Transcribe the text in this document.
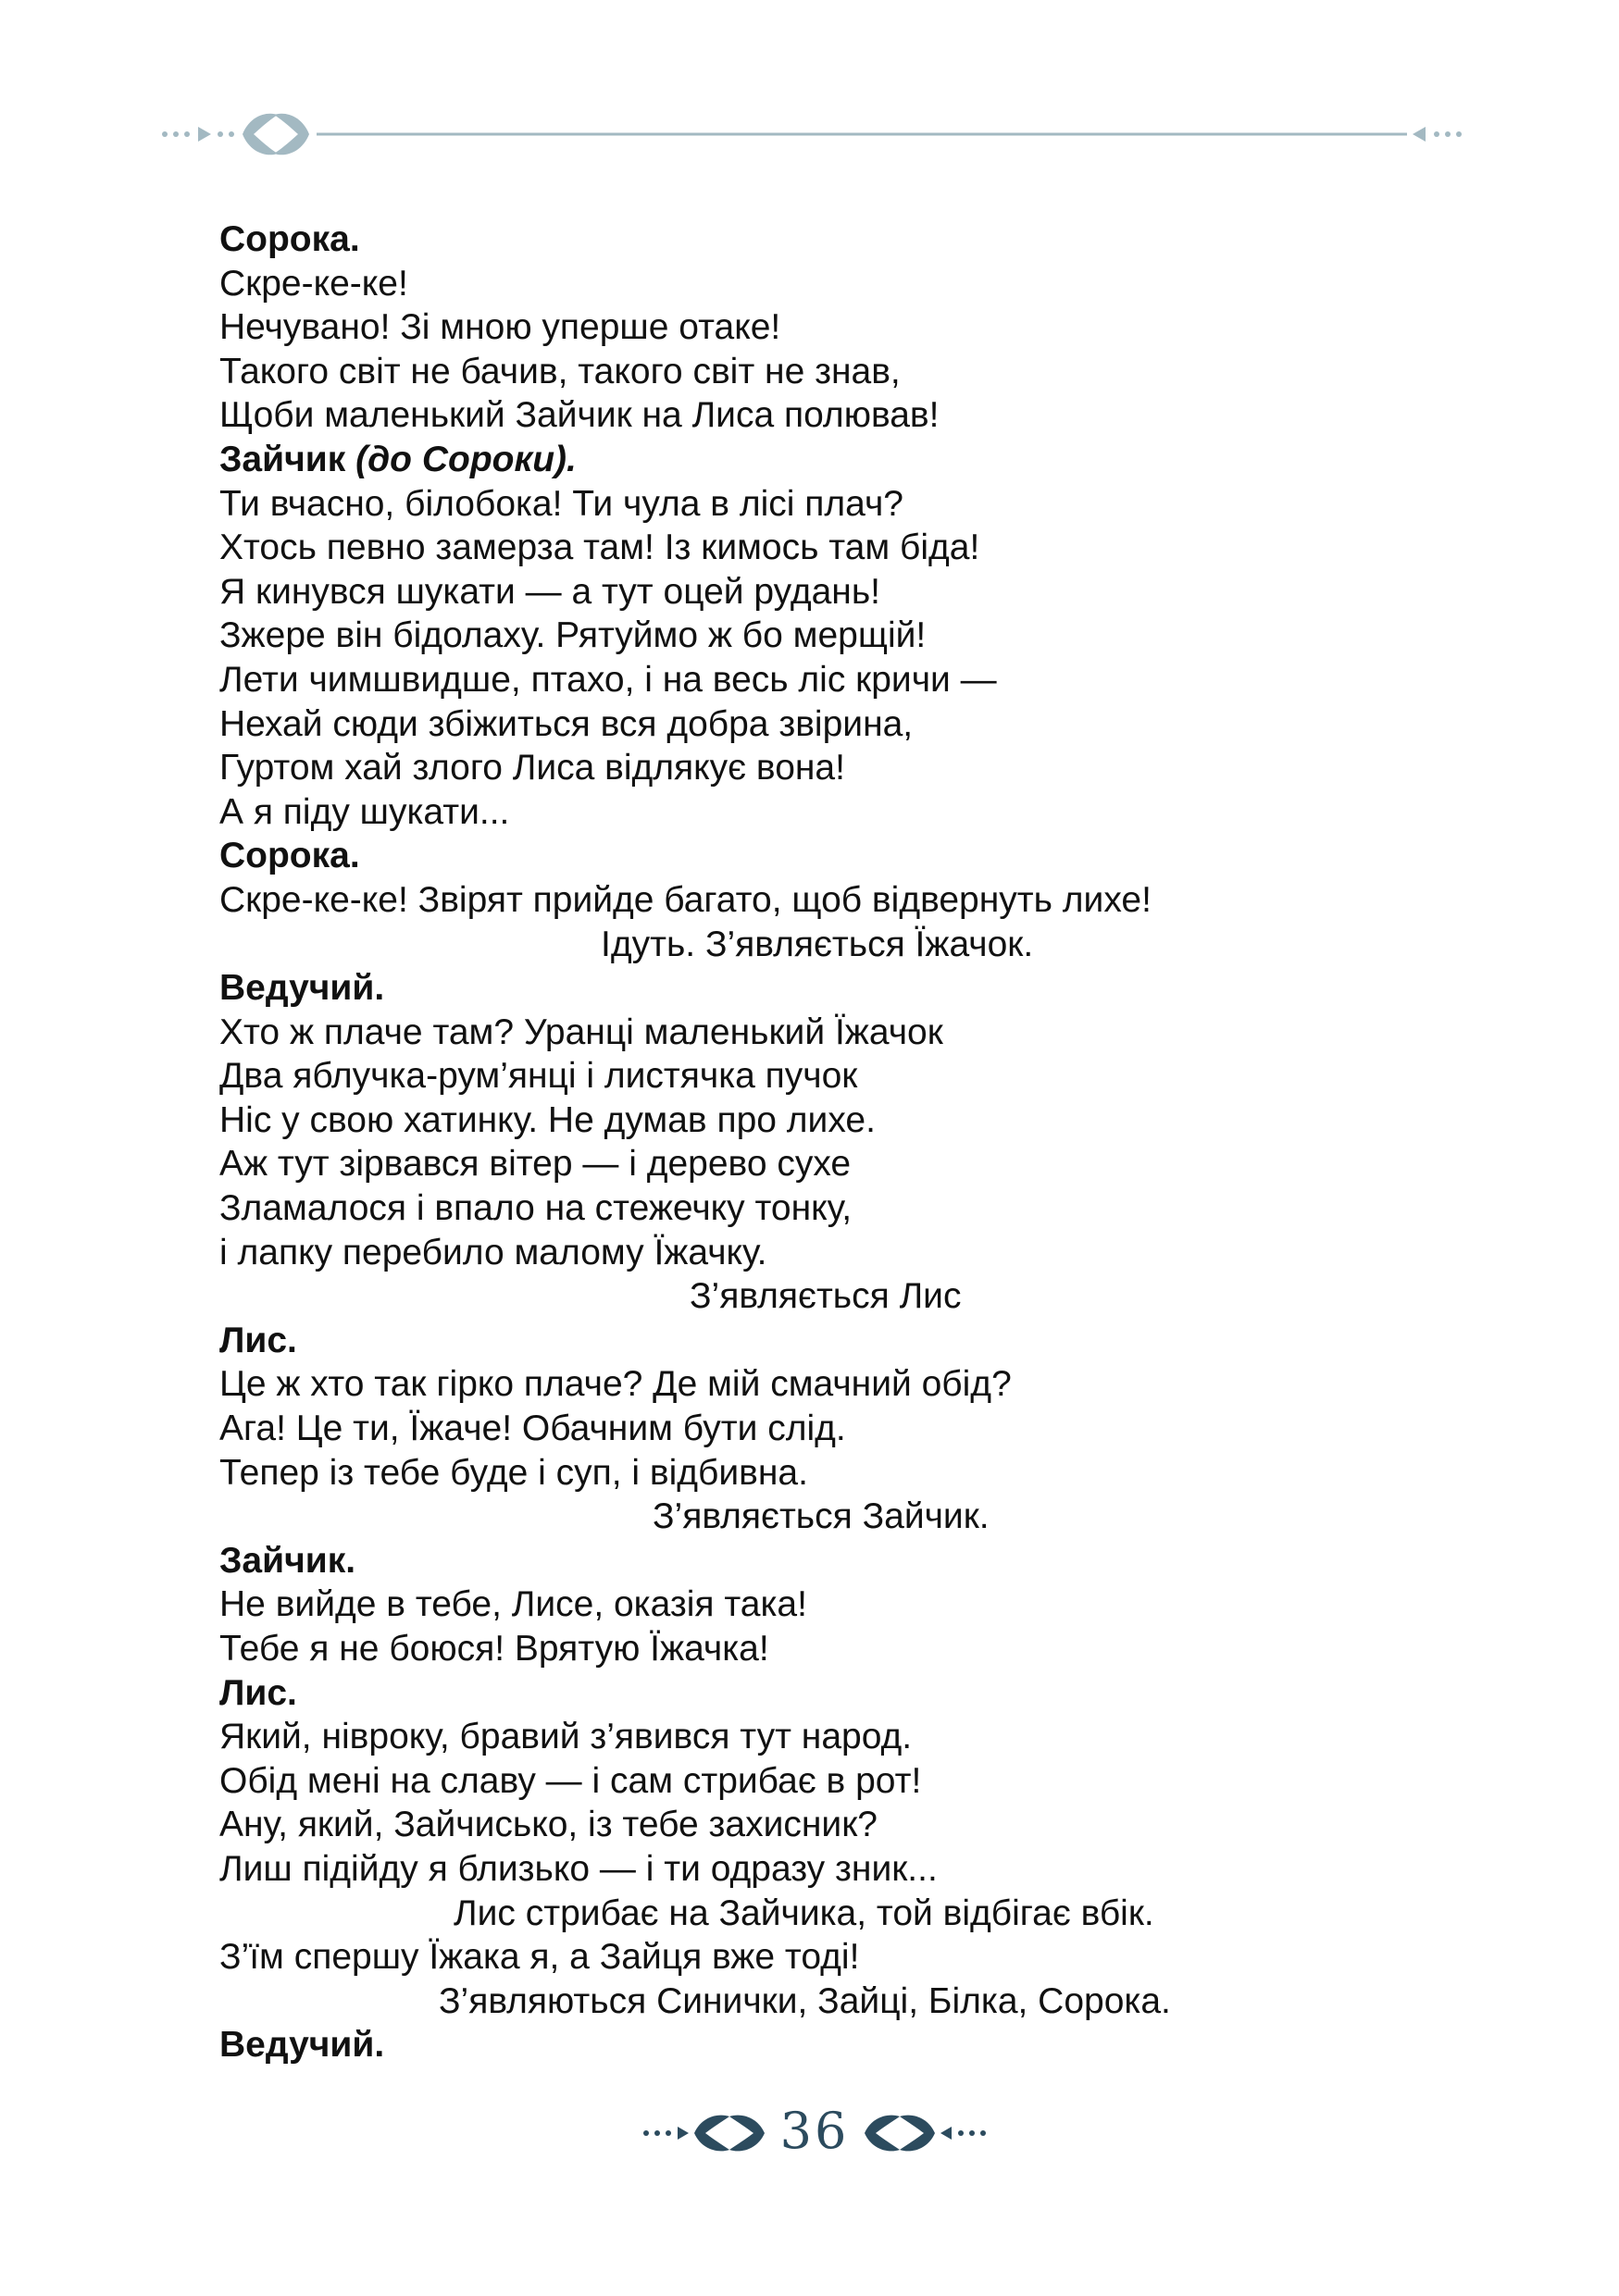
Сорока.
Скре-ке-ке!
Нечувано! Зі мною уперше отаке!
Такого світ не бачив, такого світ не знав,
Щоби маленький Зайчик на Лиса полював!
Зайчик (до Сороки).
Ти вчасно, білобока! Ти чула в лісі плач?
Хтось певно замерза там! Із кимось там біда!
Я кинувся шукати — а тут оцей рудань!
Зжере він бідолаху. Рятуймо ж бо мерщій!
Лети чимшвидше, птахо, і на весь ліс кричи —
Нехай сюди збіжиться вся добра звірина,
Гуртом хай злого Лиса відлякує вона!
А я піду шукати...
Сорока.
Скре-ке-ке! Звірят прийде багато, щоб відвернуть лихе!
Ідуть. З’являється Їжачок.
Ведучий.
Хто ж плаче там? Уранці маленький Їжачок
Два яблучка-рум’янці і листячка пучок
Ніс у свою хатинку. Не думав про лихе.
Аж тут зірвався вітер — і дерево сухе
Зламалося і впало на стежечку тонку,
і лапку перебило малому Їжачку.
З’являється Лис
Лис.
Це ж хто так гірко плаче? Де мій смачний обід?
Ага! Це ти, Їжаче! Обачним бути слід.
Тепер із тебе буде і суп, і відбивна.
З’являється Зайчик.
Зайчик.
Не вийде в тебе, Лисе, оказія така!
Тебе я не боюся! Врятую Їжачка!
Лис.
Який, нівроку, бравий з’явився тут народ.
Обід мені на славу — і сам стрибає в рот!
Ану, який, Зайчисько, із тебе захисник?
Лиш підійду я близько — і ти одразу зник...
Лис стрибає на Зайчика, той відбігає вбік.
З’їм спершу Їжака я, а Зайця вже тоді!
З’являються Синички, Зайці, Білка, Сорока.
Ведучий.
36
